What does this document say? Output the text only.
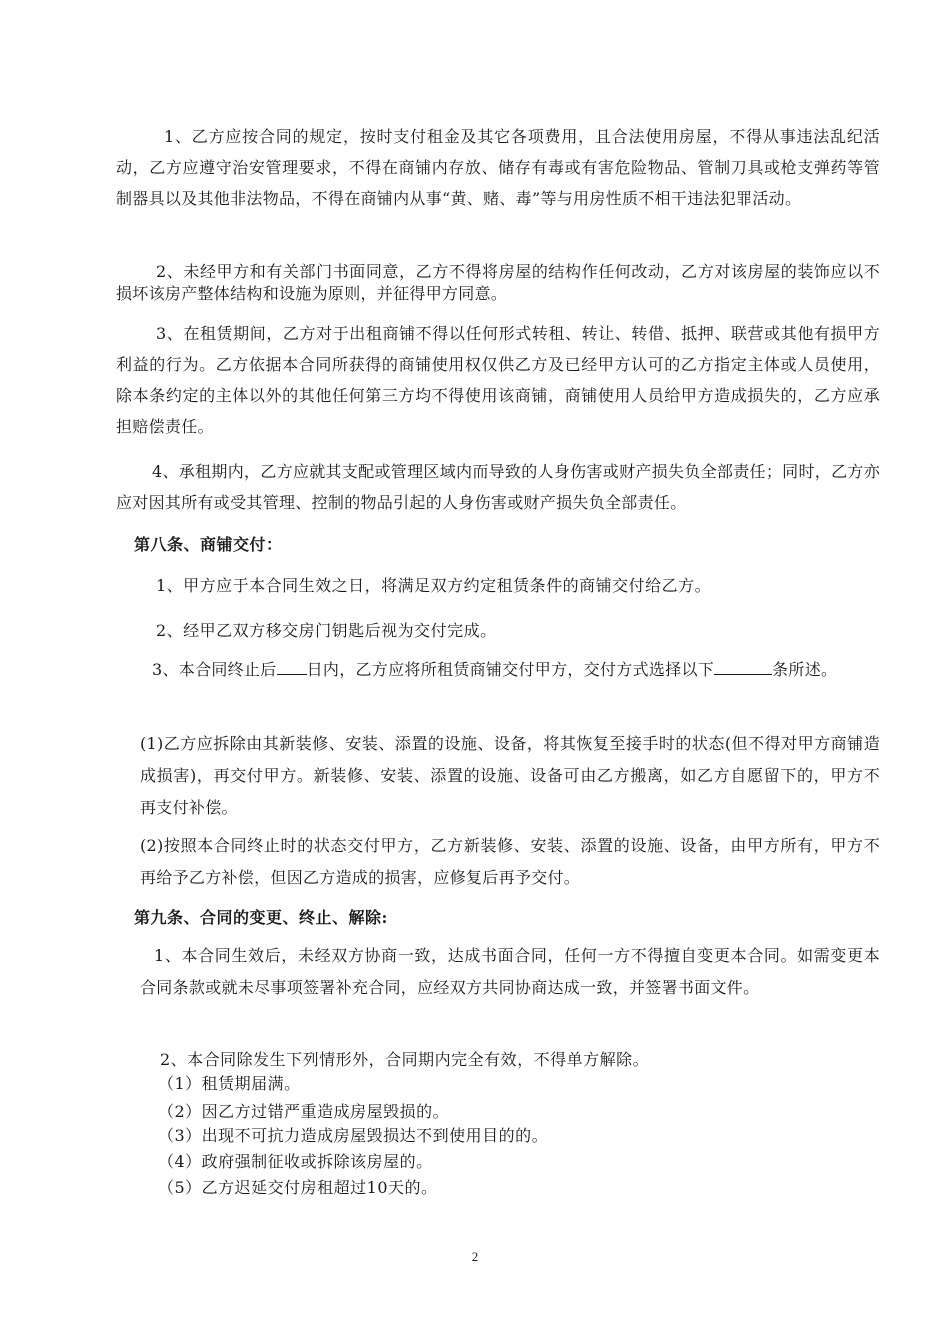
1、乙方应按合同的规定，按时支付租金及其它各项费用，且合法使用房屋，不得从事违法乱纪活动，乙方应遵守治安管理要求，不得在商铺内存放、储存有毒或有害危险物品、管制刀具或枪支弹药等管制器具以及其他非法物品，不得在商铺内从事“黄、赌、毒”等与用房性质不相干违法犯罪活动。

2、未经甲方和有关部门书面同意，乙方不得将房屋的结构作任何改动，乙方对该房屋的装饰应以不损坏该房产整体结构和设施为原则，并征得甲方同意。

3、在租赁期间，乙方对于出租商铺不得以任何形式转租、转让、转借、抵押、联营或其他有损甲方利益的行为。乙方依据本合同所获得的商铺使用权仅供乙方及已经甲方认可的乙方指定主体或人员使用，除本条约定的主体以外的其他任何第三方均不得使用该商铺，商铺使用人员给甲方造成损失的，乙方应承担赔偿责任。

4、承租期内，乙方应就其支配或管理区域内而导致的人身伤害或财产损失负全部责任；同时，乙方亦应对因其所有或受其管理、控制的物品引起的人身伤害或财产损失负全部责任。

第八条、商铺交付：

1、甲方应于本合同生效之日，将满足双方约定租赁条件的商铺交付给乙方。

2、经甲乙双方移交房门钥匙后视为交付完成。

3、本合同终止后 日内，乙方应将所租赁商铺交付甲方，交付方式选择以下	条所述。

(1)乙方应拆除由其新装修、安装、添置的设施、设备，将其恢复至接手时的状态(但不得对甲方商铺造成损害)，再交付甲方。新装修、安装、添置的设施、设备可由乙方搬离，如乙方自愿留下的，甲方不再支付补偿。

(2)按照本合同终止时的状态交付甲方，乙方新装修、安装、添置的设施、设备，由甲方所有，甲方不再给予乙方补偿，但因乙方造成的损害，应修复后再予交付。

第九条、合同的变更、终止、解除:

1、本合同生效后，未经双方协商一致，达成书面合同，任何一方不得擅自变更本合同。如需变更本合同条款或就未尽事项签署补充合同，应经双方共同协商达成一致，并签署书面文件。

2、本合同除发生下列情形外，合同期内完全有效，不得单方解除。

（1）租赁期届满。

（2）因乙方过错严重造成房屋毁损的。

（3）出现不可抗力造成房屋毁损达不到使用目的的。

（4）政府强制征收或拆除该房屋的。

（5）乙方迟延交付房租超过10天的。

2
